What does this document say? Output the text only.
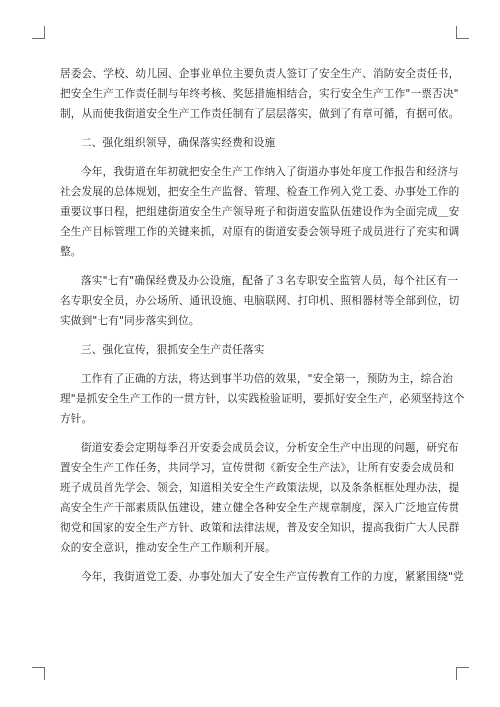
居委会、学校、幼儿园、企事业单位主要负责人签订了安全生产、消防安全责任书，
把安全生产工作责任制与年终考核、奖惩措施相结合，实行安全生产工作"一票否决"
制，从而使我街道安全生产工作责任制有了层层落实，做到了有章可循，有据可依。
二、强化组织领导，确保落实经费和设施
今年，我街道在年初就把安全生产工作纳入了街道办事处年度工作报告和经济与
社会发展的总体规划，把安全生产监督、管理、检查工作列入党工委、办事处工作的
重要议事日程，把组建街道安全生产领导班子和街道安监队伍建设作为全面完成＿安
全生产目标管理工作的关键来抓，对原有的街道安委会领导班子成员进行了充实和调
整。
落实"七有"确保经费及办公设施，配备了３名专职安全监管人员，每个社区有一
名专职安全员，办公场所、通讯设施、电脑联网、打印机、照相器材等全部到位，切
实做到"七有"同步落实到位。
三、强化宣传，狠抓安全生产责任落实
工作有了正确的方法，将达到事半功倍的效果，"安全第一，预防为主，综合治
理"是抓安全生产工作的一贯方针，以实践检验证明，要抓好安全生产，必须坚持这个
方针。
街道安委会定期每季召开安委会成员会议，分析安全生产中出现的问题，研究布
置安全生产工作任务，共同学习，宣传贯彻《新安全生产法》，让所有安委会成员和
班子成员首先学会、领会，知道相关安全生产政策法规，以及条条框框处理办法，提
高安全生产干部素质队伍建设，建立健全各种安全生产规章制度，深入广泛地宣传贯
彻党和国家的安全生产方针、政策和法律法规，普及安全知识，提高我街广大人民群
众的安全意识，推动安全生产工作顺利开展。
今年，我街道党工委、办事处加大了安全生产宣传教育工作的力度，紧紧围绕"党
